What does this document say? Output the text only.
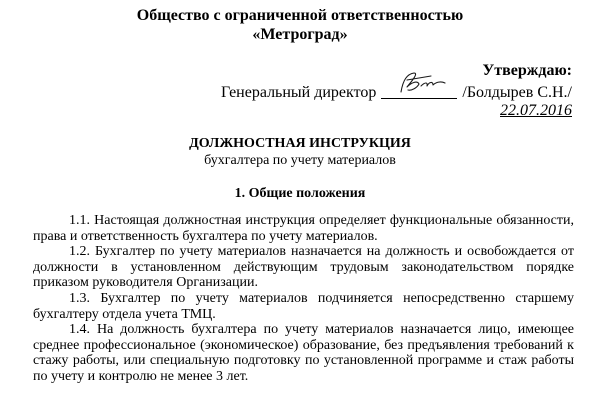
Общество с ограниченной ответственностью
«Метроград»
Утверждаю:
Генеральный директор	/Болдырев С.Н./
22.07.2016
ДОЛЖНОСТНАЯ ИНСТРУКЦИЯ
бухгалтера по учету материалов
1. Общие положения

1.1. Настоящая должностная инструкция определяет функциональные обязанности, права и ответственность бухгалтера по учету материалов.

1.2. Бухгалтер по учету материалов назначается на должность и освобождается от должности в установленном действующим трудовым законодательством порядке приказом руководителя Организации.

1.3. Бухгалтер по учету материалов подчиняется непосредственно старшему бухгалтеру отдела учета ТМЦ.

1.4. На должность бухгалтера по учету материалов назначается лицо, имеющее среднее профессиональное (экономическое) образование, без предъявления требований к стажу работы, или специальную подготовку по установленной программе и стаж работы по учету и контролю не менее 3 лет.
